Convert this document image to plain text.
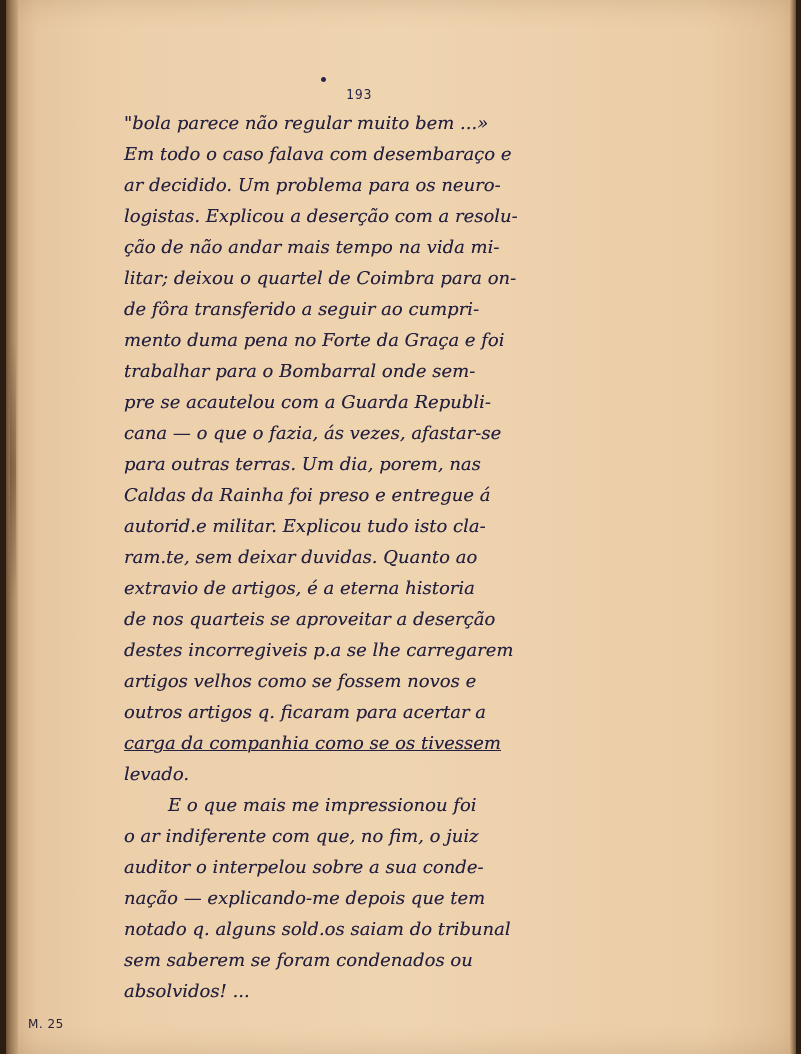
193
"bola parece não regular muito bem ...»
Em todo o caso falava com desembaraço e
ar decidido. Um problema para os neuro-
logistas. Explicou a deserção com a resolu-
ção de não andar mais tempo na vida mi-
litar; deixou o quartel de Coimbra para on-
de fôra transferido a seguir ao cumpri-
mento duma pena no Forte da Graça e foi
trabalhar para o Bombarral onde sem-
pre se acautelou com a Guarda Republi-
cana — o que o fazia, ás vezes, afastar-se
para outras terras. Um dia, porem, nas
Caldas da Rainha foi preso e entregue á
autorid.e militar. Explicou tudo isto cla-
ram.te, sem deixar duvidas. Quanto ao
extravio de artigos, é a eterna historia
de nos quarteis se aproveitar a deserção
destes incorregiveis p.a se lhe carregarem
artigos velhos como se fossem novos e
outros artigos q. ficaram para acertar a
carga da companhia como se os tivessem
levado.
E o que mais me impressionou foi
o ar indiferente com que, no fim, o juiz
auditor o interpelou sobre a sua conde-
nação — explicando-me depois que tem
notado q. alguns sold.os saiam do tribunal
sem saberem se foram condenados ou
absolvidos! ...
M. 25
